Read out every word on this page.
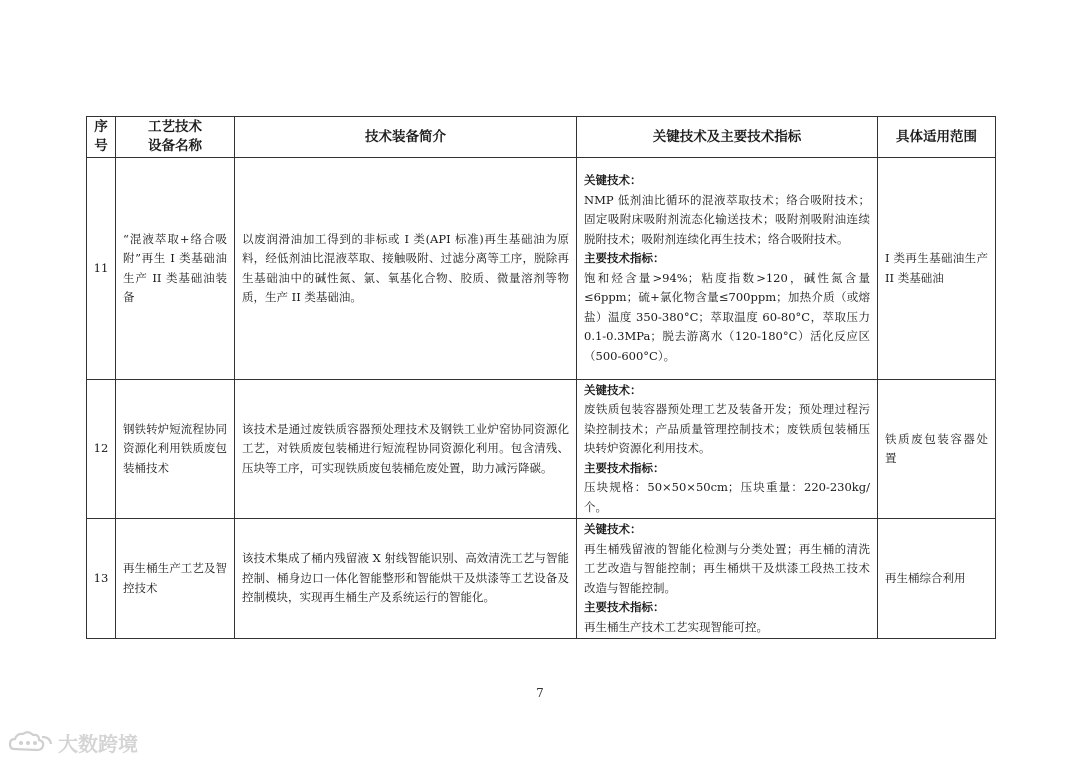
序
号	工艺技术
设备名称	技术装备简介	关键技术及主要技术指标	具体适用范围
11	“混液萃取+络合吸附”再生 I 类基础油生产 II 类基础油装备	以废润滑油加工得到的非标或 I 类(API 标准)再生基础油为原料，经低剂油比混液萃取、接触吸附、过滤分离等工序，脱除再生基础油中的碱性氮、氯、氧基化合物、胶质、微量溶剂等物质，生产 II 类基础油。	关键技术：
NMP 低剂油比循环的混液萃取技术；络合吸附技术；固定吸附床吸附剂流态化输送技术；吸附剂吸附油连续脱附技术；吸附剂连续化再生技术；络合吸附技术。
主要技术指标：
饱和烃含量>94%；粘度指数>120，碱性氮含量≤6ppm；硫+氯化物含量≤700ppm；加热介质（或熔盐）温度 350-380°C；萃取温度 60-80°C，萃取压力 0.1-0.3MPa；脱去游离水（120-180°C）活化反应区（500-600°C）。	I 类再生基础油生产 II 类基础油
12	钢铁转炉短流程协同资源化利用铁质废包装桶技术	该技术是通过废铁质容器预处理技术及钢铁工业炉窑协同资源化工艺，对铁质废包装桶进行短流程协同资源化利用。包含清残、压块等工序，可实现铁质废包装桶危废处置，助力减污降碳。	关键技术：
废铁质包装容器预处理工艺及装备开发；预处理过程污染控制技术；产品质量管理控制技术；废铁质包装桶压块转炉资源化利用技术。
主要技术指标：
压块规格：50×50×50cm；压块重量：220-230kg/个。	铁质废包装容器处置
13	再生桶生产工艺及智控技术	该技术集成了桶内残留液 X 射线智能识别、高效清洗工艺与智能控制、桶身边口一体化智能整形和智能烘干及烘漆等工艺设备及控制模块，实现再生桶生产及系统运行的智能化。	关键技术：
再生桶残留液的智能化检测与分类处置；再生桶的清洗工艺改造与智能控制；再生桶烘干及烘漆工段热工技术改造与智能控制。
主要技术指标：
再生桶生产技术工艺实现智能可控。	再生桶综合利用
7
大数跨境
